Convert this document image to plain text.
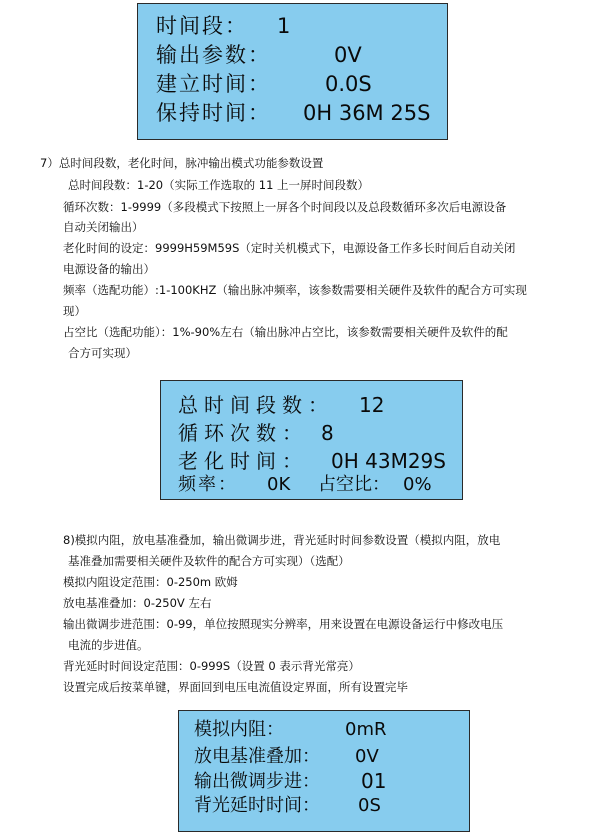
时间段： 1
输出参数：	0V
建立时间：	0.0S
保持时间： 0H 36M 25S
7）总时间段数，老化时间，脉冲输出模式功能参数设置
总时间段数：1-20（实际工作选取的 11 上一屏时间段数）
循环次数：1-9999（多段模式下按照上一屏各个时间段以及总段数循环多次后电源设备
自动关闭输出）
老化时间的设定：9999H59M59S（定时关机模式下，电源设备工作多长时间后自动关闭
电源设备的输出）
频率（选配功能）:1-100KHZ（输出脉冲频率，该参数需要相关硬件及软件的配合方可实现
现）
占空比（选配功能）：1%-90%左右（输出脉冲占空比，该参数需要相关硬件及软件的配
合方可实现）
总时间段数： 12
循环次数： 8
老化时间： 0H 43M29S
频率： 0K 占空比： 0%
8)模拟内阻，放电基准叠加，输出微调步进，背光延时时间参数设置（模拟内阻，放电
基准叠加需要相关硬件及软件的配合方可实现）（选配）
模拟内阻设定范围：0-250m 欧姆
放电基准叠加：0-250V 左右
输出微调步进范围：0-99，单位按照现实分辨率，用来设置在电源设备运行中修改电压
电流的步进值。
背光延时时间设定范围：0-999S（设置 0 表示背光常亮）
设置完成后按菜单键，界面回到电压电流值设定界面，所有设置完毕
模拟内阻：	0mR
放电基准叠加： 0V
输出微调步进： 01
背光延时时间： 0S
